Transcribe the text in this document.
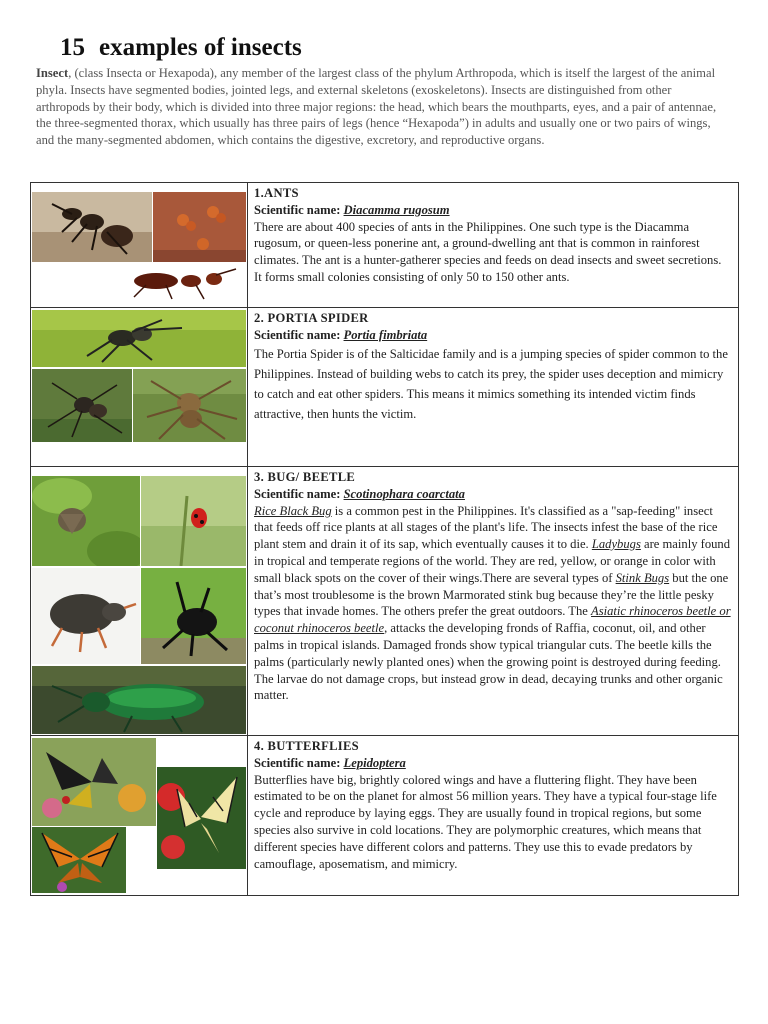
15 examples of insects
Insect, (class Insecta or Hexapoda), any member of the largest class of the phylum Arthropoda, which is itself the largest of the animal phyla. Insects have segmented bodies, jointed legs, and external skeletons (exoskeletons). Insects are distinguished from other arthropods by their body, which is divided into three major regions: the head, which bears the mouthparts, eyes, and a pair of antennae, the three-segmented thorax, which usually has three pairs of legs (hence “Hexapoda”) in adults and usually one or two pairs of wings, and the many-segmented abdomen, which contains the digestive, excretory, and reproductive organs.

1.ANTS
Scientific name: Diacamma rugosum
There are about 400 species of ants in the Philippines. One such type is the Diacamma rugosum, or queen-less ponerine ant, a ground-dwelling ant that is common in rainforest climates. The ant is a hunter-gatherer species and feeds on dead insects and sweet secretions. It forms small colonies consisting of only 50 to 150 other ants.

2. PORTIA SPIDER
Scientific name: Portia fimbriata
The Portia Spider is of the Salticidae family and is a jumping species of spider common to the Philippines. Instead of building webs to catch its prey, the spider uses deception and mimicry to catch and eat other spiders. This means it mimics something its intended victim finds attractive, then hunts the victim.

3. BUG/ BEETLE
Scientific name: Scotinophara coarctata
Rice Black Bug is a common pest in the Philippines. It's classified as a "sap-feeding" insect that feeds off rice plants at all stages of the plant's life. The insects infest the base of the rice plant stem and drain it of its sap, which eventually causes it to die. Ladybugs are mainly found in tropical and temperate regions of the world. They are red, yellow, or orange in color with small black spots on the cover of their wings.There are several types of Stink Bugs but the one that’s most troublesome is the brown Marmorated stink bug because they’re the little pesky types that invade homes. The others prefer the great outdoors. The Asiatic rhinoceros beetle or coconut rhinoceros beetle, attacks the developing fronds of Raffia, coconut, oil, and other palms in tropical islands. Damaged fronds show typical triangular cuts. The beetle kills the palms (particularly newly planted ones) when the growing point is destroyed during feeding. The larvae do not damage crops, but instead grow in dead, decaying trunks and other organic matter.

4. BUTTERFLIES
Scientific name: Lepidoptera
Butterflies have big, brightly colored wings and have a fluttering flight. They have been estimated to be on the planet for almost 56 million years. They have a typical four-stage life cycle and reproduce by laying eggs. They are usually found in tropical regions, but some species also survive in cold locations. They are polymorphic creatures, which means that different species have different colors and patterns. They use this to evade predators by camouflage, aposematism, and mimicry.
